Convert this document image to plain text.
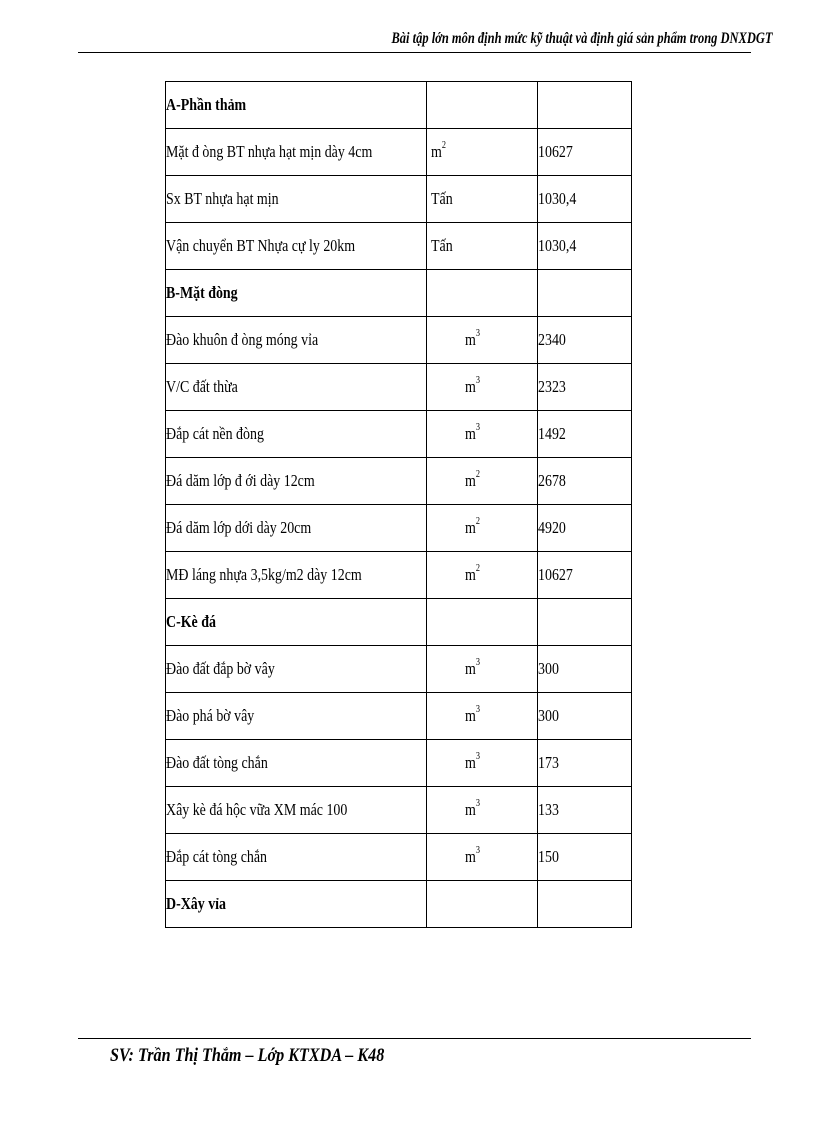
Bài tập lớn môn định mức kỹ thuật và định giá sản phẩm trong DNXDGT
A-Phần thảm		
Mặt đ òng BT nhựa hạt mịn dày 4cm	$m^2$	10627
Sx BT nhựa hạt mịn	Tấn	1030,4
Vận chuyển BT Nhựa cự ly 20km	Tấn	1030,4
B-Mặt đòng		
Đào khuôn đ òng móng vỉa	$m^3$	2340
V/C đất thừa	$m^3$	2323
Đắp cát nền đòng	$m^3$	1492
Đá dăm lớp đ ới dày 12cm	$m^2$	2678
Đá dăm lớp dới dày 20cm	$m^2$	4920
MĐ láng nhựa 3,5kg/m2 dày 12cm	$m^2$	10627
C-Kè đá		
Đào đất đắp bờ vây	$m^3$	300
Đào phá bờ vây	$m^3$	300
Đào đất tòng chắn	$m^3$	173
Xây kè đá hộc vữa XM mác 100	$m^3$	133
Đắp cát tòng chắn	$m^3$	150
D-Xây vỉa		
SV: Trần Thị Thắm – Lớp KTXDA – K48
